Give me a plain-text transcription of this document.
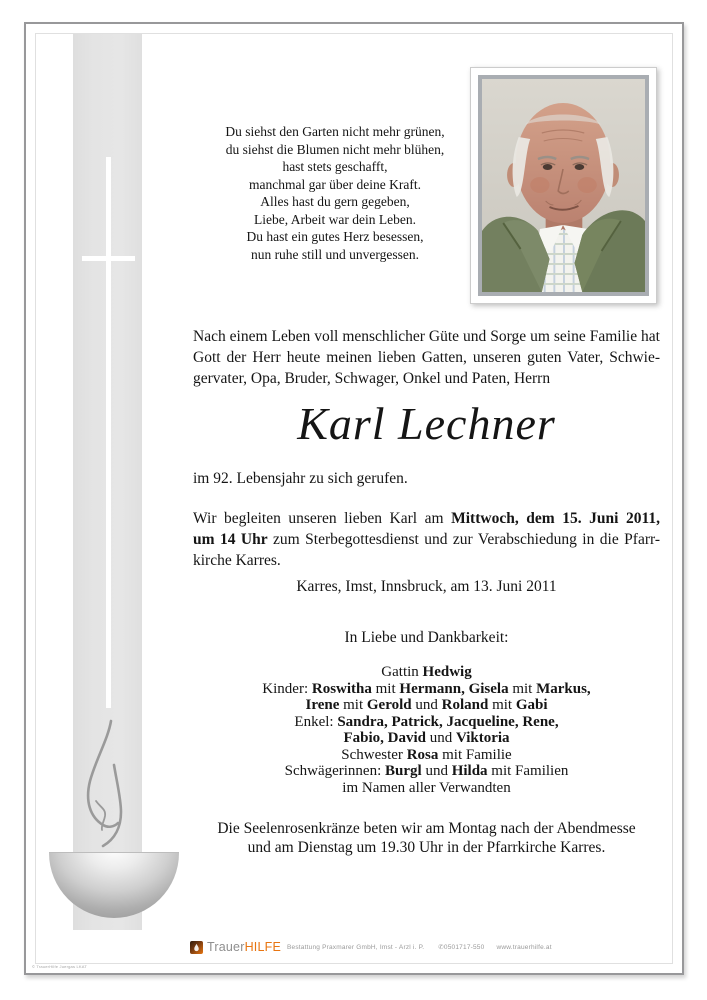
Du siehst den Garten nicht mehr grünen,
du siehst die Blumen nicht mehr blühen,
hast stets geschafft,
manchmal gar über deine Kraft.
Alles hast du gern gegeben,
Liebe, Arbeit war dein Leben.
Du hast ein gutes Herz besessen,
nun ruhe still und unvergessen.
Nach einem Leben voll menschlicher Güte und Sorge um seine Familie hat
Gott der Herr heute meinen lieben Gatten, unseren guten Vater, Schwie-
gervater, Opa, Bruder, Schwager, Onkel und Paten, Herrn
Karl Lechner
im 92. Lebensjahr zu sich gerufen.
Wir begleiten unseren lieben Karl am Mittwoch, dem 15. Juni 2011,
um 14 Uhr zum Sterbegottesdienst und zur Verabschiedung in die Pfarr-
kirche Karres.
Karres, Imst, Innsbruck, am 13. Juni 2011
In Liebe und Dankbarkeit:
Gattin Hedwig
Kinder: Roswitha mit Hermann, Gisela mit Markus,
Irene mit Gerold und Roland mit Gabi
Enkel: Sandra, Patrick, Jacqueline, Rene,
Fabio, David und Viktoria
Schwester Rosa mit Familie
Schwägerinnen: Burgl und Hilda mit Familien
im Namen aller Verwandten
Die Seelenrosenkränze beten wir am Montag nach der Abendmesse
und am Dienstag um 19.30 Uhr in der Pfarrkirche Karres.
TrauerHILFE Bestattung Praxmarer GmbH, Imst - Arzl i. P. ✆0501717-550 www.trauerhilfe.at
© TrauerHilfe Juergas LKAT
